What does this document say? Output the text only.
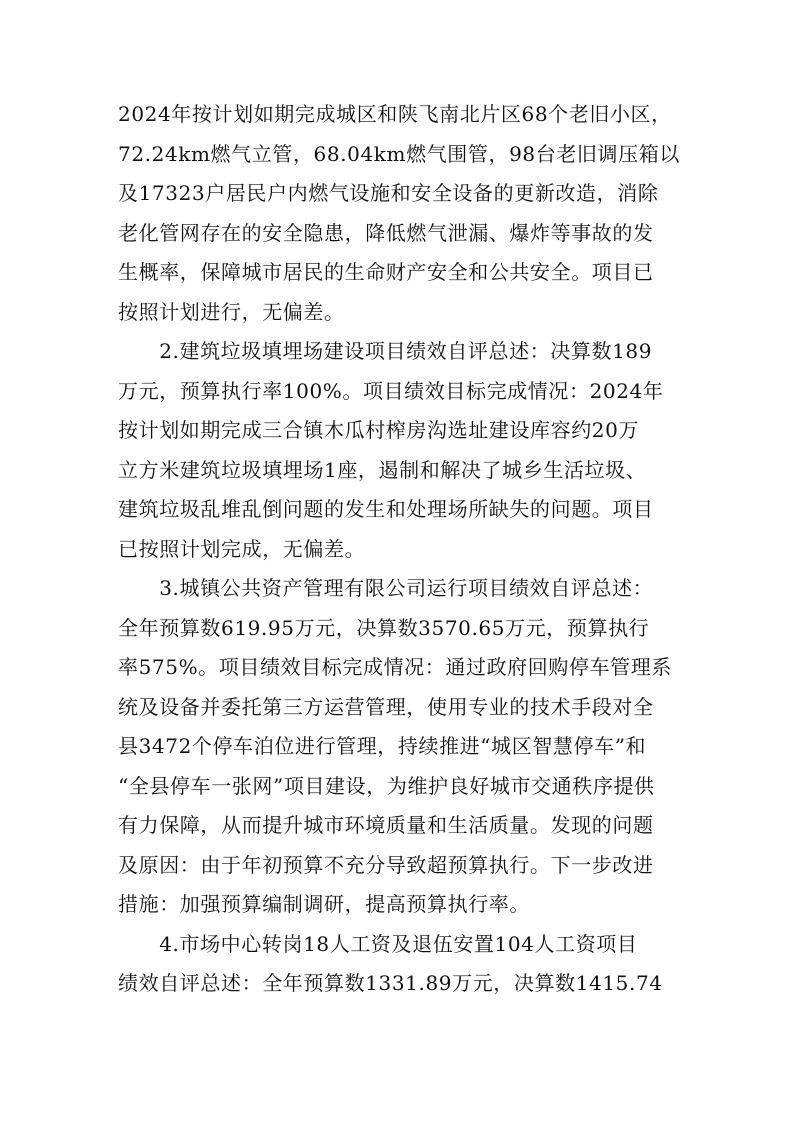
2024年按计划如期完成城区和陕飞南北片区68个老旧小区，
72.24km燃气立管，68.04km燃气围管，98台老旧调压箱以
及17323户居民户内燃气设施和安全设备的更新改造，消除
老化管网存在的安全隐患，降低燃气泄漏、爆炸等事故的发
生概率，保障城市居民的生命财产安全和公共安全。项目已
按照计划进行，无偏差。
　　2.建筑垃圾填埋场建设项目绩效自评总述：决算数189
万元，预算执行率100%。项目绩效目标完成情况：2024年
按计划如期完成三合镇木瓜村榨房沟选址建设库容约20万
立方米建筑垃圾填埋场1座，遏制和解决了城乡生活垃圾、
建筑垃圾乱堆乱倒问题的发生和处理场所缺失的问题。项目
已按照计划完成，无偏差。
　　3.城镇公共资产管理有限公司运行项目绩效自评总述：
全年预算数619.95万元，决算数3570.65万元，预算执行
率575%。项目绩效目标完成情况：通过政府回购停车管理系
统及设备并委托第三方运营管理，使用专业的技术手段对全
县3472个停车泊位进行管理，持续推进“城区智慧停车”和
“全县停车一张网”项目建设，为维护良好城市交通秩序提供
有力保障，从而提升城市环境质量和生活质量。发现的问题
及原因：由于年初预算不充分导致超预算执行。下一步改进
措施：加强预算编制调研，提高预算执行率。
　　4.市场中心转岗18人工资及退伍安置104人工资项目
绩效自评总述：全年预算数1331.89万元，决算数1415.74
